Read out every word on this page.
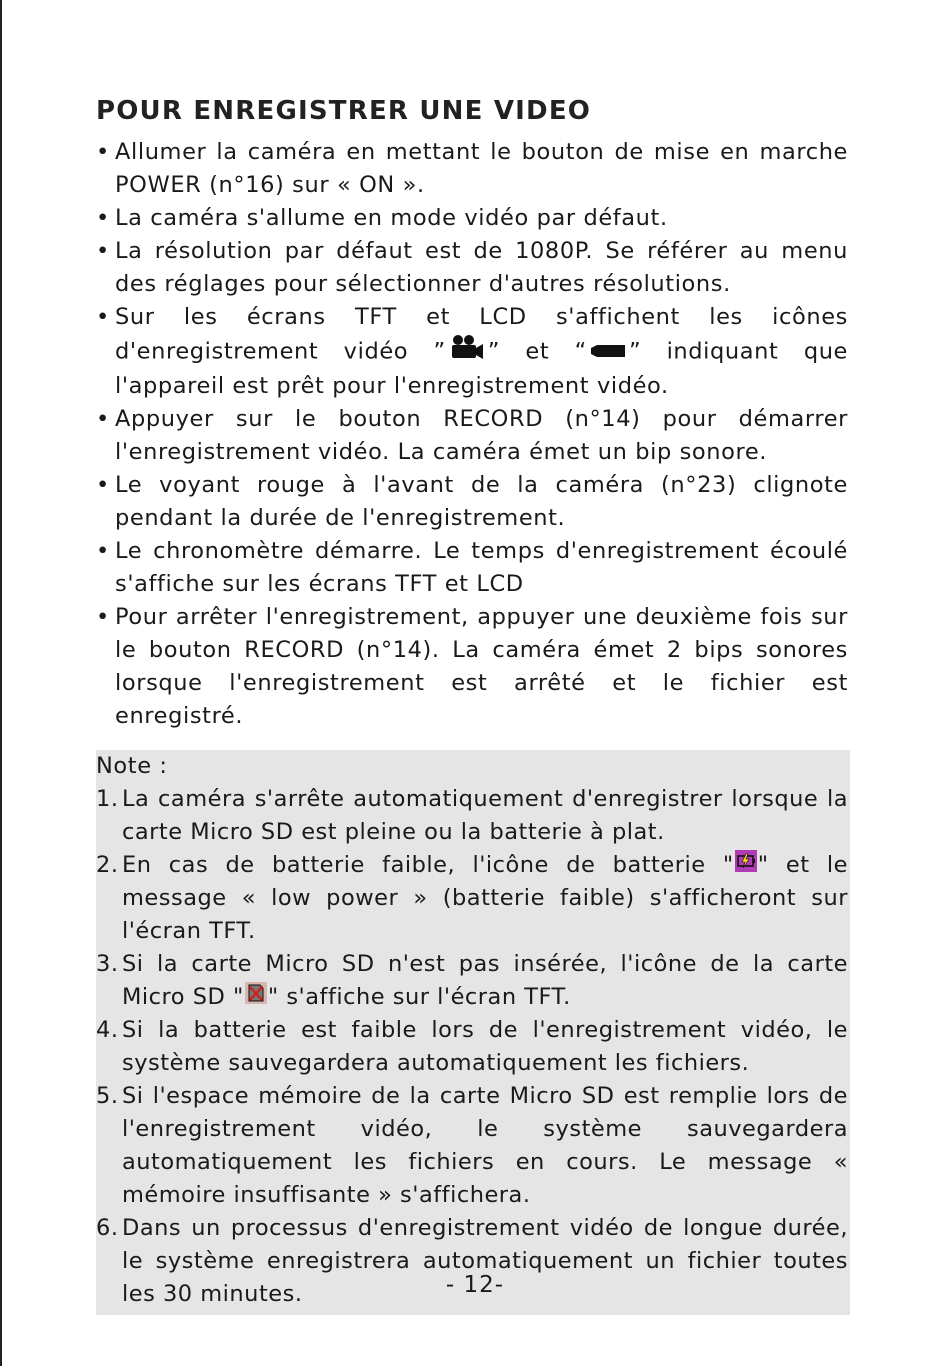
POUR ENREGISTRER UNE VIDEO
• Allumer la caméra en mettant le bouton de mise en marche POWER (n°16) sur « ON ».
• La caméra s'allume en mode vidéo par défaut.
• La résolution par défaut est de 1080P. Se référer au menu des réglages pour sélectionner d'autres résolutions.
• Sur les écrans TFT et LCD s'affichent les icônes d'enregistrement vidéo ” ” et “ ” indiquant que l'appareil est prêt pour l'enregistrement vidéo.
• Appuyer sur le bouton RECORD (n°14) pour démarrer l'enregistrement vidéo. La caméra émet un bip sonore.
• Le voyant rouge à l'avant de la caméra (n°23) clignote pendant la durée de l'enregistrement.
• Le chronomètre démarre. Le temps d'enregistrement écoulé s'affiche sur les écrans TFT et LCD
• Pour arrêter l'enregistrement, appuyer une deuxième fois sur le bouton RECORD (n°14). La caméra émet 2 bips sonores lorsque l'enregistrement est arrêté et le fichier est enregistré.
Note :
1. La caméra s'arrête automatiquement d'enregistrer lorsque la carte Micro SD est pleine ou la batterie à plat.
2. En cas de batterie faible, l'icône de batterie " " et le message « low power » (batterie faible) s'afficheront sur l'écran TFT.
3. Si la carte Micro SD n'est pas insérée, l'icône de la carte Micro SD " " s'affiche sur l'écran TFT.
4. Si la batterie est faible lors de l'enregistrement vidéo, le système sauvegardera automatiquement les fichiers.
5. Si l'espace mémoire de la carte Micro SD est remplie lors de l'enregistrement vidéo, le système sauvegardera automatiquement les fichiers en cours. Le message « mémoire insuffisante » s'affichera.
6. Dans un processus d'enregistrement vidéo de longue durée, le système enregistrera automatiquement un fichier toutes les 30 minutes.	- 12-
